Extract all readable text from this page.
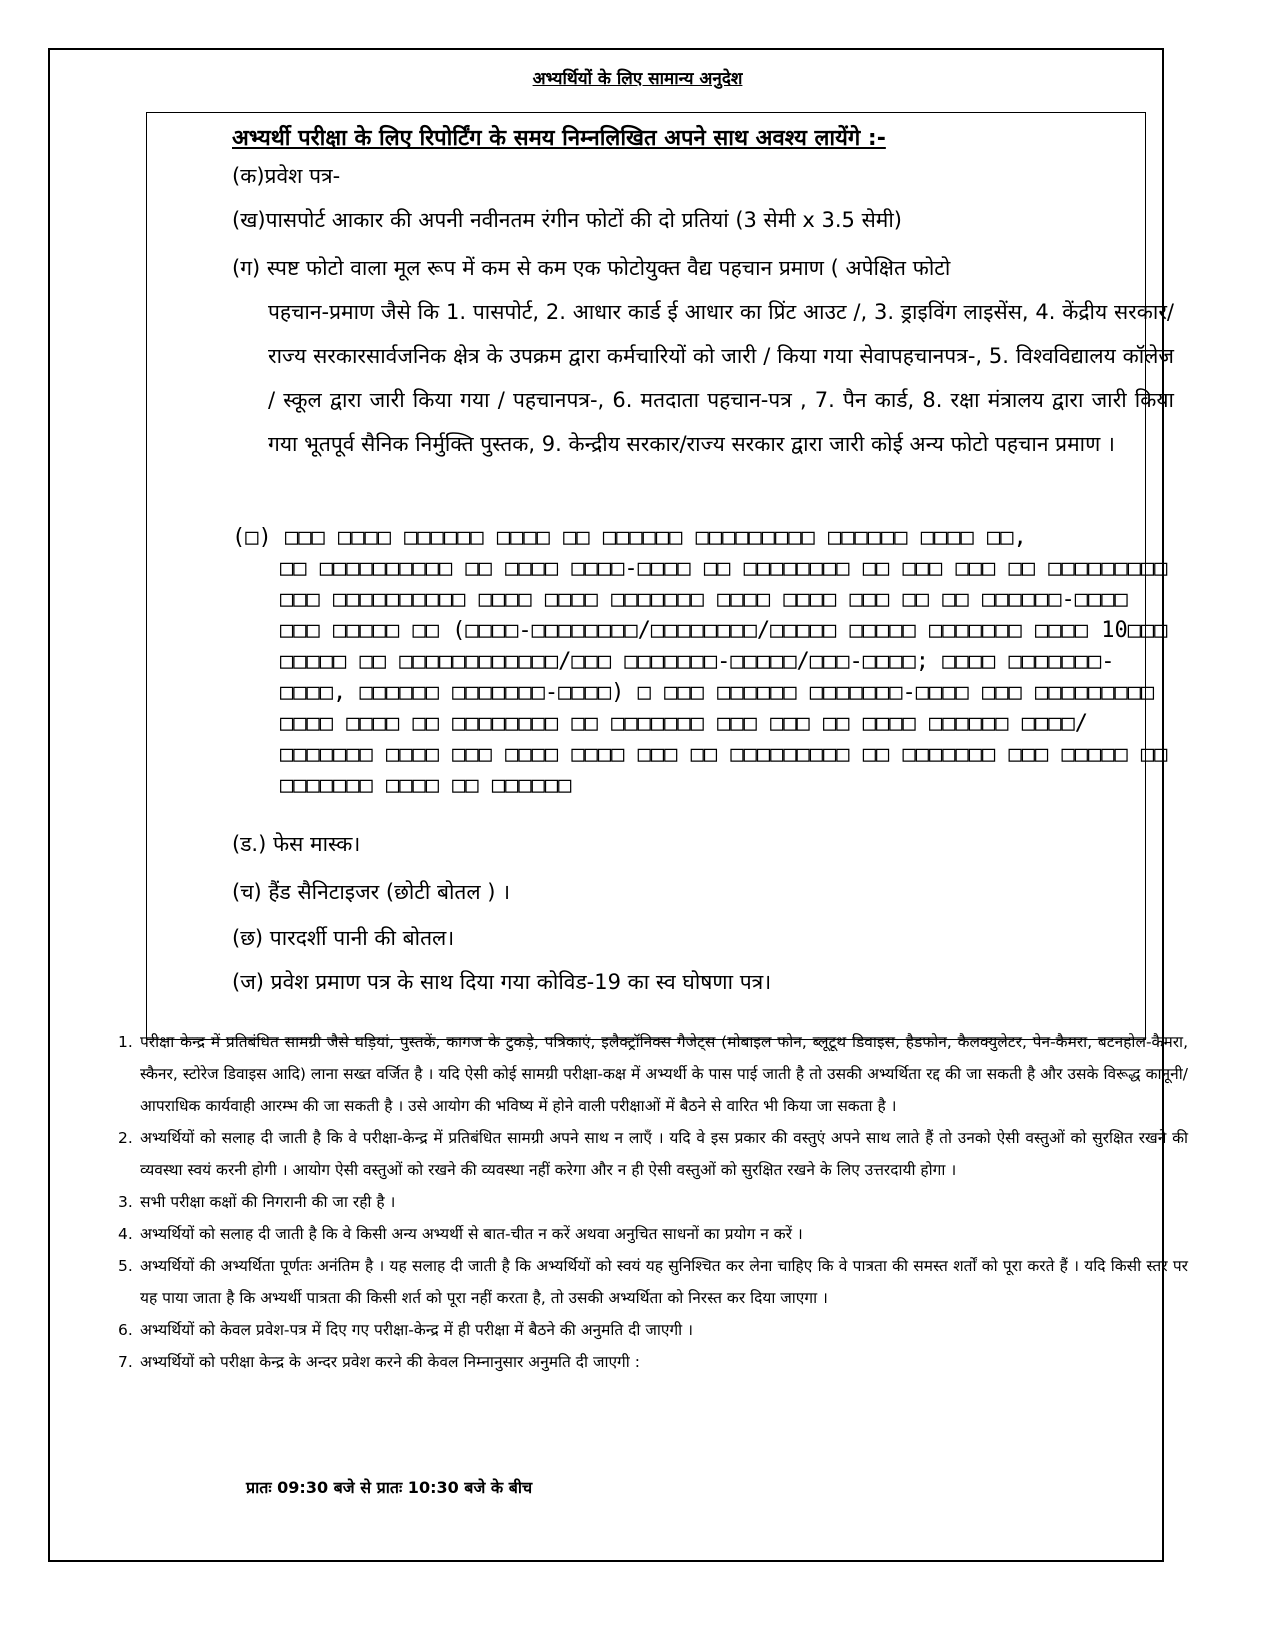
अभ्यर्थियों के लिए सामान्य अनुदेश
अभ्यर्थी परीक्षा के लिए रिपोर्टिंग के समय निम्नलिखित अपने साथ अवश्य लायेंगे :-
(क)प्रवेश पत्र-
(ख)पासपोर्ट आकार की अपनी नवीनतम रंगीन फोटों की दो प्रतियां (3 सेमी x 3.5 सेमी)
(ग) स्पष्ट फोटो वाला मूल रूप में कम से कम एक फोटोयुक्त वैद्य पहचान प्रमाण ( अपेक्षित फोटो
पहचान-प्रमाण जैसे कि 1. पासपोर्ट, 2. आधार कार्ड ई आधार का प्रिंट आउट /, 3. ड्राइविंग लाइसेंस, 4. केंद्रीय सरकार/राज्य सरकारसार्वजनिक क्षेत्र के उपक्रम द्वारा कर्मचारियों को जारी / किया गया सेवापहचानपत्र-, 5. विश्वविद्यालय कॉलेज / स्कूल द्वारा जारी किया गया / पहचानपत्र-, 6. मतदाता पहचान-पत्र , 7. पैन कार्ड, 8. रक्षा मंत्रालय द्वारा जारी किया गया भूतपूर्व सैनिक निर्मुक्ति पुस्तक, 9. केन्द्रीय सरकार/राज्य सरकार द्वारा जारी कोई अन्य फोटो पहचान प्रमाण ।
(□) □□□ □□□□ □□□□□□ □□□□ □□ □□□□□□ □□□□□□□□□ □□□□□□ □□□□ □□,
□□ □□□□□□□□□□ □□ □□□□ □□□□-□□□□ □□ □□□□□□□□ □□ □□□ □□□ □□ □□□□□□□□□ □□□ □□□□□□□□□□ □□□□ □□□□ □□□□□□□ □□□□ □□□□ □□□ □□ □□ □□□□□□-□□□□ □□□ □□□□□ □□ (□□□□-□□□□□□□□/□□□□□□□□/□□□□□ □□□□□ □□□□□□□ □□□□ 10□□□ □□□□□ □□ □□□□□□□□□□□□/□□□ □□□□□□□-□□□□□/□□□-□□□□; □□□□ □□□□□□□-□□□□, □□□□□□ □□□□□□□-□□□□) □ □□□ □□□□□□ □□□□□□□-□□□□ □□□ □□□□□□□□□ □□□□ □□□□ □□ □□□□□□□□ □□ □□□□□□□ □□□ □□□ □□ □□□□ □□□□□□ □□□□/□□□□□□□ □□□□ □□□ □□□□ □□□□ □□□ □□ □□□□□□□□□ □□ □□□□□□□ □□□ □□□□□ □□ □□□□□□□ □□□□ □□ □□□□□□
(ड.) फेस मास्क।
(च) हैंड सैनिटाइजर (छोटी बोतल ) ।
(छ) पारदर्शी पानी की बोतल।
(ज) प्रवेश प्रमाण पत्र के साथ दिया गया कोविड-19 का स्व घोषणा पत्र।
1. परीक्षा केन्द्र में प्रतिबंधित सामग्री जैसे घड़ियां, पुस्तकें, कागज के टुकड़े, पत्रिकाएं, इलैक्ट्रॉनिक्स गैजेट्स (मोबाइल फोन, ब्लूटूथ डिवाइस, हैडफोन, कैलक्युलेटर, पेन-कैमरा, बटनहोल-कैमरा, स्कैनर, स्टोरेज डिवाइस आदि) लाना सख्त वर्जित है । यदि ऐसी कोई सामग्री परीक्षा-कक्ष में अभ्यर्थी के पास पाई जाती है तो उसकी अभ्यर्थिता रद्द की जा सकती है और उसके विरूद्ध कानूनी/आपराधिक कार्यवाही आरम्भ की जा सकती है । उसे आयोग की भविष्य में होने वाली परीक्षाओं में बैठने से वारित भी किया जा सकता है ।
2. अभ्यर्थियों को सलाह दी जाती है कि वे परीक्षा-केन्द्र में प्रतिबंधित सामग्री अपने साथ न लाएँ । यदि वे इस प्रकार की वस्तुएं अपने साथ लाते हैं तो उनको ऐसी वस्तुओं को सुरक्षित रखने की व्यवस्था स्वयं करनी होगी । आयोग ऐसी वस्तुओं को रखने की व्यवस्था नहीं करेगा और न ही ऐसी वस्तुओं को सुरक्षित रखने के लिए उत्तरदायी होगा ।
3. सभी परीक्षा कक्षों की निगरानी की जा रही है ।
4. अभ्यर्थियों को सलाह दी जाती है कि वे किसी अन्य अभ्यर्थी से बात-चीत न करें अथवा अनुचित साधनों का प्रयोग न करें ।
5. अभ्यर्थियों की अभ्यर्थिता पूर्णतः अनंतिम है । यह सलाह दी जाती है कि अभ्यर्थियों को स्वयं यह सुनिश्चित कर लेना चाहिए कि वे पात्रता की समस्त शर्तों को पूरा करते हैं । यदि किसी स्तर पर यह पाया जाता है कि अभ्यर्थी पात्रता की किसी शर्त को पूरा नहीं करता है, तो उसकी अभ्यर्थिता को निरस्त कर दिया जाएगा ।
6. अभ्यर्थियों को केवल प्रवेश-पत्र में दिए गए परीक्षा-केन्द्र में ही परीक्षा में बैठने की अनुमति दी जाएगी ।
7. अभ्यर्थियों को परीक्षा केन्द्र के अन्दर प्रवेश करने की केवल निम्नानुसार अनुमति दी जाएगी :
प्रातः 09:30 बजे से प्रातः 10:30 बजे के बीच
